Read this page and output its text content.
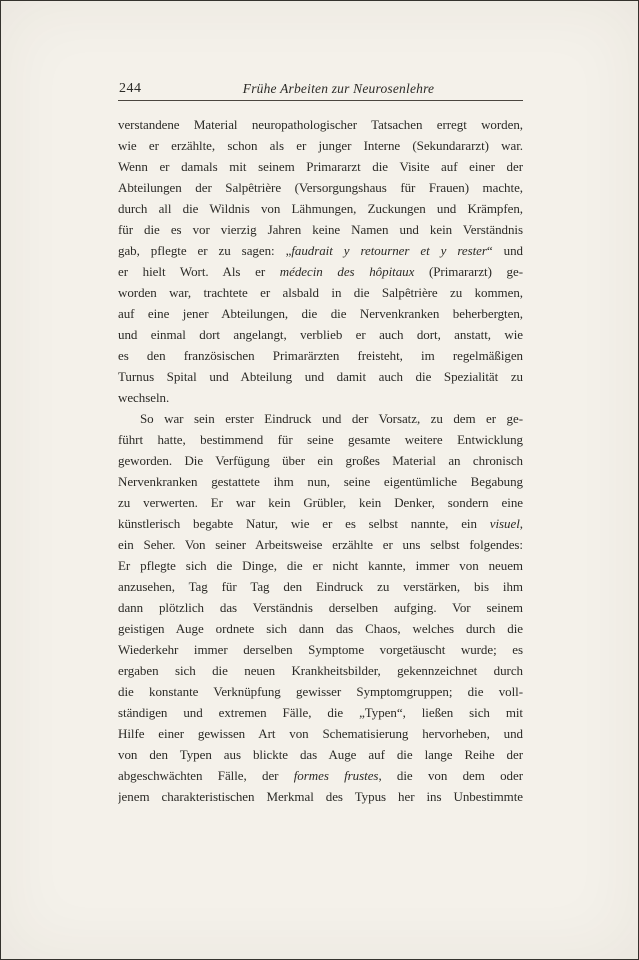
244	Frühe Arbeiten zur Neurosenlehre
verstandene Material neuropathologischer Tatsachen erregt worden,
wie er erzählte, schon als er junger Interne (Sekundararzt) war.
Wenn er damals mit seinem Primararzt die Visite auf einer der
Abteilungen der Salpêtrière (Versorgungshaus für Frauen) machte,
durch all die Wildnis von Lähmungen, Zuckungen und Krämpfen,
für die es vor vierzig Jahren keine Namen und kein Verständnis
gab, pflegte er zu sagen: „faudrait y retourner et y rester“ und
er hielt Wort. Als er médecin des hôpitaux (Primararzt) ge-
worden war, trachtete er alsbald in die Salpêtrière zu kommen,
auf eine jener Abteilungen, die die Nervenkranken beherbergten,
und einmal dort angelangt, verblieb er auch dort, anstatt, wie
es den französischen Primarärzten freisteht, im regelmäßigen
Turnus Spital und Abteilung und damit auch die Spezialität zu
wechseln.
So war sein erster Eindruck und der Vorsatz, zu dem er ge-
führt hatte, bestimmend für seine gesamte weitere Entwicklung
geworden. Die Verfügung über ein großes Material an chronisch
Nervenkranken gestattete ihm nun, seine eigentümliche Begabung
zu verwerten. Er war kein Grübler, kein Denker, sondern eine
künstlerisch begabte Natur, wie er es selbst nannte, ein visuel,
ein Seher. Von seiner Arbeitsweise erzählte er uns selbst folgendes:
Er pflegte sich die Dinge, die er nicht kannte, immer von neuem
anzusehen, Tag für Tag den Eindruck zu verstärken, bis ihm
dann plötzlich das Verständnis derselben aufging. Vor seinem
geistigen Auge ordnete sich dann das Chaos, welches durch die
Wiederkehr immer derselben Symptome vorgetäuscht wurde; es
ergaben sich die neuen Krankheitsbilder, gekennzeichnet durch
die konstante Verknüpfung gewisser Symptomgruppen; die voll-
ständigen und extremen Fälle, die „Typen“, ließen sich mit
Hilfe einer gewissen Art von Schematisierung hervorheben, und
von den Typen aus blickte das Auge auf die lange Reihe der
abgeschwächten Fälle, der formes frustes, die von dem oder
jenem charakteristischen Merkmal des Typus her ins Unbestimmte
